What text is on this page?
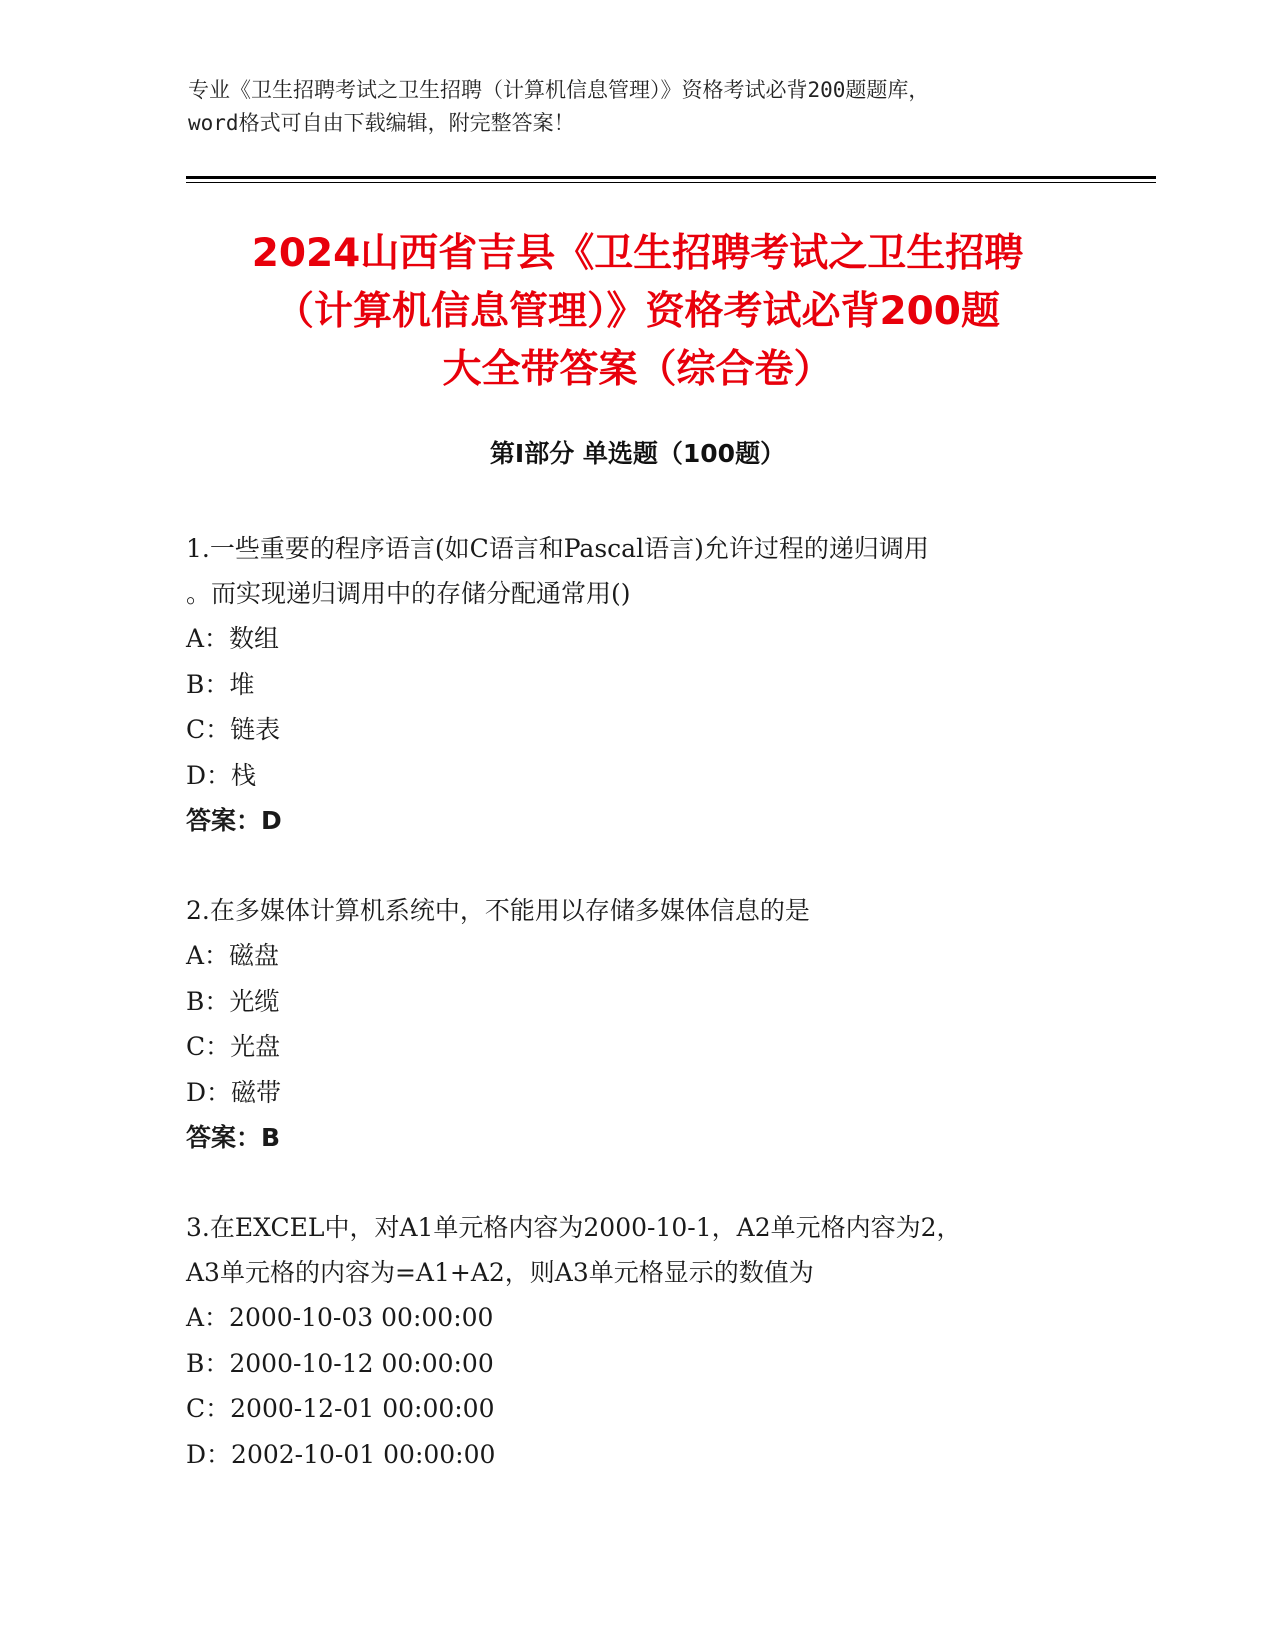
专业《卫生招聘考试之卫生招聘（计算机信息管理）》资格考试必背200题题库，
word格式可自由下载编辑，附完整答案！
2024山西省吉县《卫生招聘考试之卫生招聘
（计算机信息管理）》资格考试必背200题
大全带答案（综合卷）
第I部分 单选题（100题）

1.一些重要的程序语言(如C语言和Pascal语言)允许过程的递归调用

。而实现递归调用中的存储分配通常用()

A：数组

B：堆

C：链表

D：栈

答案：D

2.在多媒体计算机系统中，不能用以存储多媒体信息的是

A：磁盘

B：光缆

C：光盘

D：磁带

答案：B

3.在EXCEL中，对A1单元格内容为2000-10-1，A2单元格内容为2，

A3单元格的内容为=A1+A2，则A3单元格显示的数值为

A：2000-10-03 00:00:00

B：2000-10-12 00:00:00

C：2000-12-01 00:00:00

D：2002-10-01 00:00:00
